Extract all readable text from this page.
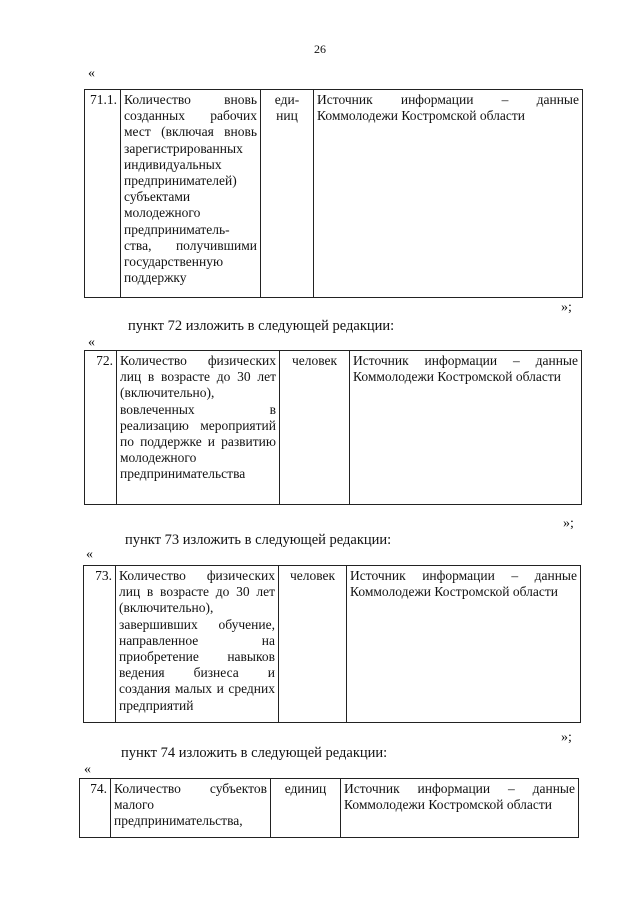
26
«
71.1.	Количество вновь созданных рабочих мест (включая вновь зарегистрированных индивидуальных предпринимателей) субъектами молодежного предприниматель-ства, получившими государственную поддержку	еди-ниц	Источник информации – данные Коммолодежи Костромской области
»;
пункт 72 изложить в следующей редакции:
«
72.	Количество физических лиц в возрасте до 30 лет (включительно), вовлеченных в реализацию мероприятий по поддержке и развитию молодежного предпринимательства	человек	Источник информации – данные Коммолодежи Костромской области
»;
пункт 73 изложить в следующей редакции:
«
73.	Количество физических лиц в возрасте до 30 лет (включительно), завершивших обучение, направленное на приобретение навыков ведения бизнеса и создания малых и средних предприятий	человек	Источник информации – данные Коммолодежи Костромской области
»;
пункт 74 изложить в следующей редакции:
«
74.	Количество субъектов малого предпринимательства,	единиц	Источник информации – данные Коммолодежи Костромской области
